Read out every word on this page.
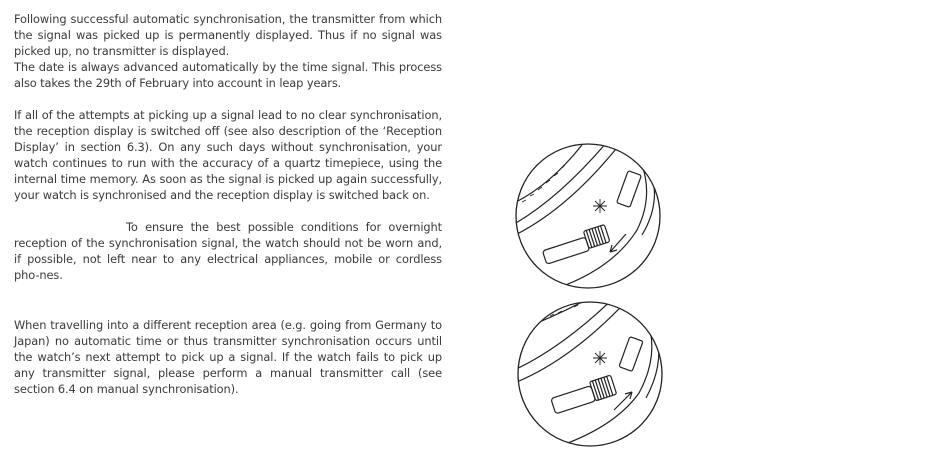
Following successful automatic synchronisation, the transmitter from which the signal was picked up is permanently displayed. Thus if no signal was picked up, no transmitter is displayed.
The date is always advanced automatically by the time signal. This process also takes the 29th of February into account in leap years.

If all of the attempts at picking up a signal lead to no clear synchronisation, the reception display is switched off (see also description of the ‘Reception Display’ in section 6.3). On any such days without synchronisation, your watch continues to run with the accuracy of a quartz timepiece, using the internal time memory. As soon as the signal is picked up again successfully, your watch is synchronised and the reception display is switched back on.

To ensure the best possible conditions for overnight reception of the synchronisation signal, the watch should not be worn and, if possible, not left near to any electrical appliances, mobile or cordless pho-nes.

When travelling into a different reception area (e.g. going from Germany to Japan) no automatic time or thus transmitter synchronisation occurs until the watch’s next attempt to pick up a signal. If the watch fails to pick up any transmitter signal, please perform a manual transmitter call (see section 6.4 on manual synchronisation).
